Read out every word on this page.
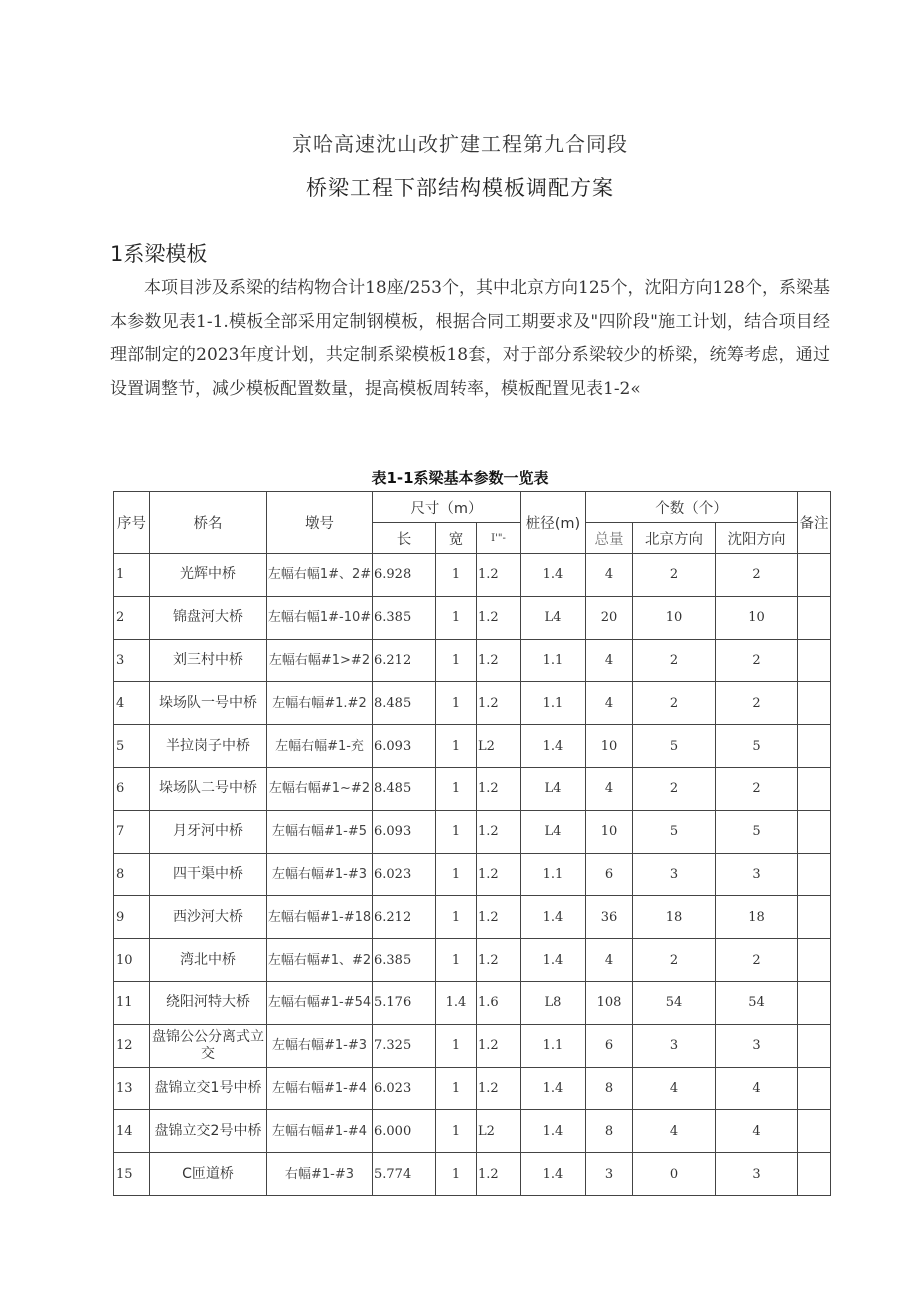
京哈高速沈山改扩建工程第九合同段
桥梁工程下部结构模板调配方案
1系梁模板
本项目涉及系梁的结构物合计18座/253个，其中北京方向125个，沈阳方向128个，系梁基本参数见表1-1.模板全部采用定制钢模板，根据合同工期要求及"四阶段"施工计划，结合项目经理部制定的2023年度计划，共定制系梁模板18套，对于部分系梁较少的桥梁，统筹考虑，通过设置调整节，减少模板配置数量，提高模板周转率，模板配置见表1-2«
表1-1系梁基本参数一览表
序号	桥名	墩号	尺寸（m）			桩径(m)	个数（个）			备注
			长	宽	I'"-		总量	北京方向	沈阳方向	
1	光辉中桥	左幅右幅1#、2#	6.928	1	1.2	1.4	4	2	2	
2	锦盘河大桥	左幅右幅1#-10#	6.385	1	1.2	L4	20	10	10	
3	刘三村中桥	左幅右幅#1>#2	6.212	1	1.2	1.1	4	2	2	
4	垛场队一号中桥	左幅右幅#1.#2	8.485	1	1.2	1.1	4	2	2	
5	半拉岗子中桥	左幅右幅#1-充	6.093	1	L2	1.4	10	5	5	
6	垛场队二号中桥	左幅右幅#1~#2	8.485	1	1.2	L4	4	2	2	
7	月牙河中桥	左幅右幅#1-#5	6.093	1	1.2	L4	10	5	5	
8	四干渠中桥	左幅右幅#1-#3	6.023	1	1.2	1.1	6	3	3	
9	西沙河大桥	左幅右幅#1-#18	6.212	1	1.2	1.4	36	18	18	
10	湾北中桥	左幅右幅#1、#2	6.385	1	1.2	1.4	4	2	2	
11	绕阳河特大桥	左幅右幅#1-#54	5.176	1.4	1.6	L8	108	54	54	
12	盘锦公公分离式立交	左幅右幅#1-#3	7.325	1	1.2	1.1	6	3	3	
13	盘锦立交1号中桥	左幅右幅#1-#4	6.023	1	1.2	1.4	8	4	4	
14	盘锦立交2号中桥	左幅右幅#1-#4	6.000	1	L2	1.4	8	4	4	
15	C匝道桥	右幅#1-#3	5.774	1	1.2	1.4	3	0	3	
